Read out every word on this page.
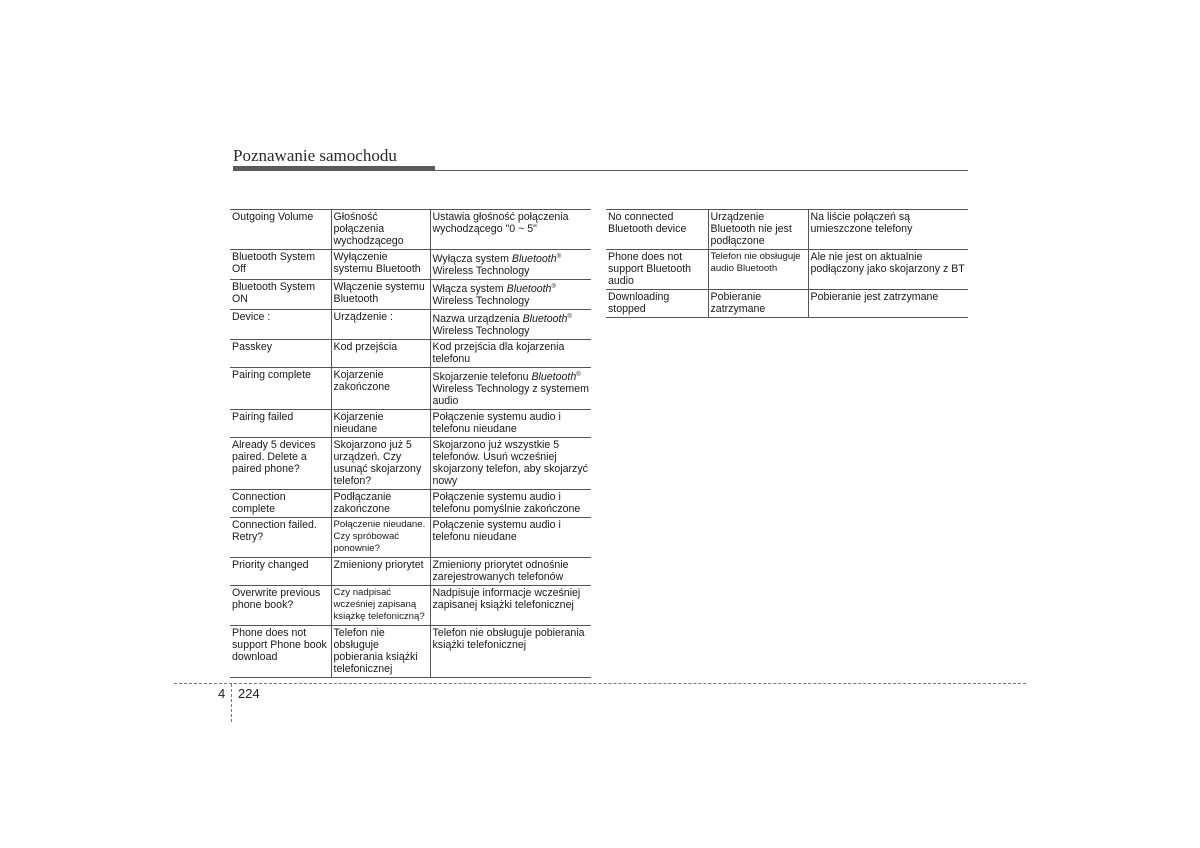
Poznawanie samochodu
Outgoing Volume	Głośność połączenia wychodzącego	Ustawia głośność połączenia wychodzącego "0 ~ 5"
Bluetooth System Off	Wyłączenie systemu Bluetooth	Wyłącza system Bluetooth®
Wireless Technology
Bluetooth System ON	Włączenie systemu Bluetooth	Włącza system Bluetooth®
Wireless Technology
Device :	Urządzenie :	Nazwa urządzenia Bluetooth®
Wireless Technology
Passkey	Kod przejścia	Kod przejścia dla kojarzenia telefonu
Pairing complete	Kojarzenie zakończone	Skojarzenie telefonu Bluetooth®
Wireless Technology z systemem audio
Pairing failed	Kojarzenie nieudane	Połączenie systemu audio i telefonu nieudane
Already 5 devices paired. Delete a paired phone?	Skojarzono już 5 urządzeń. Czy usunąć skojarzony telefon?	Skojarzono już wszystkie 5 telefonów. Usuń wcześniej skojarzony telefon, aby skojarzyć nowy
Connection complete	Podłączanie zakończone	Połączenie systemu audio i telefonu pomyślnie zakończone
Connection failed. Retry?	Połączenie nieudane. Czy spróbować ponownie?	Połączenie systemu audio i telefonu nieudane
Priority changed	Zmieniony priorytet	Zmieniony priorytet odnośnie zarejestrowanych telefonów
Overwrite previous phone book?	Czy nadpisać wcześniej zapisaną książkę telefoniczną?	Nadpisuje informacje wcześniej zapisanej książki telefonicznej
Phone does not support Phone book download	Telefon nie obsługuje pobierania książki telefonicznej	Telefon nie obsługuje pobierania książki telefonicznej
No connected Bluetooth device	Urządzenie Bluetooth nie jest podłączone	Na liście połączeń są umieszczone telefony
Phone does not support Bluetooth audio	Telefon nie obsługuje audio Bluetooth	Ale nie jest on aktualnie podłączony jako skojarzony z BT
Downloading stopped	Pobieranie zatrzymane	Pobieranie jest zatrzymane
4 224
